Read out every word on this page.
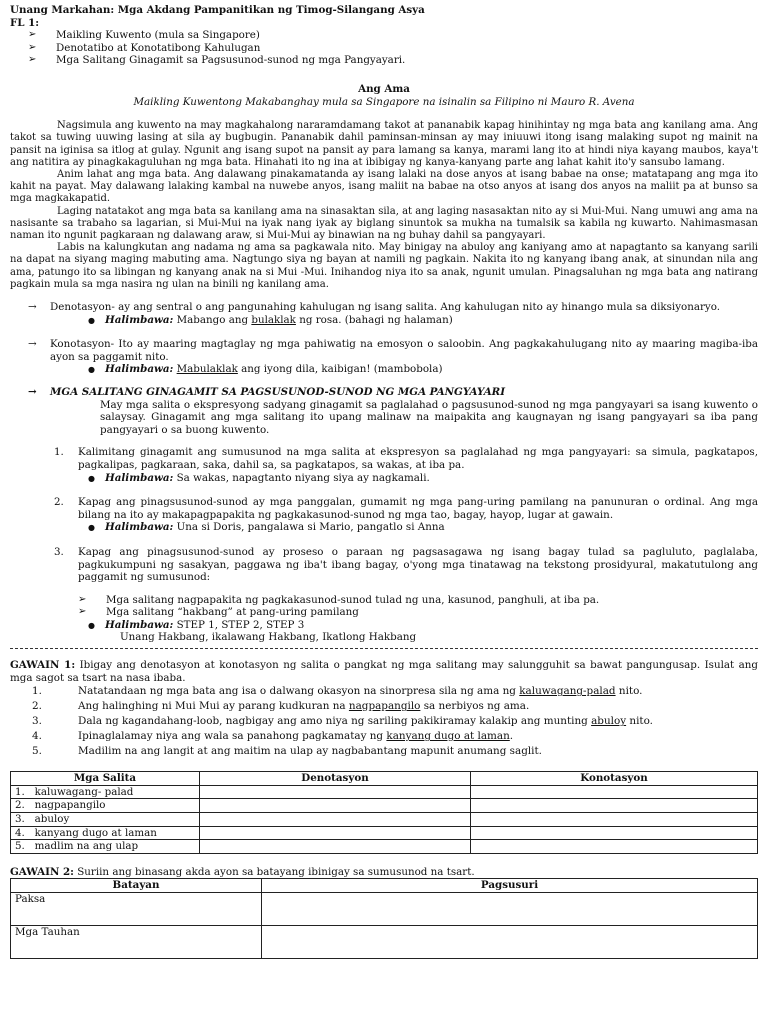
Unang Markahan: Mga Akdang Pampanitikan ng Timog-Silangang Asya
FL 1:
➢ Maikling Kuwento (mula sa Singapore)
➢ Denotatibo at Konotatibong Kahulugan
➢ Mga Salitang Ginagamit sa Pagsusunod-sunod ng mga Pangyayari.
Ang Ama
Maikling Kuwentong Makabanghay mula sa Singapore na isinalin sa Filipino ni Mauro R. Avena
Nagsimula ang kuwento na may magkahalong nararamdamang takot at pananabik kapag hinihintay ng mga bata ang kanilang ama. Ang takot sa tuwing uuwing lasing at sila ay bugbugin. Pananabik dahil paminsan-minsan ay may iniuuwi itong isang malaking supot ng mainit na pansit na iginisa sa itlog at gulay. Ngunit ang isang supot na pansit ay para lamang sa kanya, marami lang ito at hindi niya kayang maubos, kaya't ang natitira ay pinagkakaguluhan ng mga bata. Hinahati ito ng ina at ibibigay ng kanya-kanyang parte ang lahat kahit ito'y sansubo lamang.
Anim lahat ang mga bata. Ang dalawang pinakamatanda ay isang lalaki na dose anyos at isang babae na onse; matatapang ang mga ito kahit na payat. May dalawang lalaking kambal na nuwebe anyos, isang maliit na babae na otso anyos at isang dos anyos na maliit pa at bunso sa mga magkakapatid.
Laging natatakot ang mga bata sa kanilang ama na sinasaktan sila, at ang laging nasasaktan nito ay si Mui-Mui. Nang umuwi ang ama na nasisante sa trabaho sa lagarian, si Mui-Mui na iyak nang iyak ay biglang sinuntok sa mukha na tumalsik sa kabila ng kuwarto. Nahimasmasan naman ito ngunit pagkaraan ng dalawang araw, si Mui-Mui ay binawian na ng buhay dahil sa pangyayari.
Labis na kalungkutan ang nadama ng ama sa pagkawala nito. May binigay na abuloy ang kaniyang amo at napagtanto sa kanyang sarili na dapat na siyang maging mabuting ama. Nagtungo siya ng bayan at namili ng pagkain. Nakita ito ng kanyang ibang anak, at sinundan nila ang ama, patungo ito sa libingan ng kanyang anak na si Mui -Mui. Inihandog niya ito sa anak, ngunit umulan. Pinagsaluhan ng mga bata ang natirang pagkain mula sa mga nasira ng ulan na binili ng kanilang ama.
→ Denotasyon- ay ang sentral o ang pangunahing kahulugan ng isang salita. Ang kahulugan nito ay hinango mula sa diksiyonaryo.
● Halimbawa: Mabango ang bulaklak ng rosa. (bahagi ng halaman)
→ Konotasyon- Ito ay maaring magtaglay ng mga pahiwatig na emosyon o saloobin. Ang pagkakahulugang nito ay maaring magiba-iba ayon sa paggamit nito.
● Halimbawa: Mabulaklak ang iyong dila, kaibigan! (mambobola)
→ MGA SALITANG GINAGAMIT SA PAGSUSUNOD-SUNOD NG MGA PANGYAYARI
May mga salita o ekspresyong sadyang ginagamit sa paglalahad o pagsusunod-sunod ng mga pangyayari sa isang kuwento o salaysay. Ginagamit ang mga salitang ito upang malinaw na maipakita ang kaugnayan ng isang pangyayari sa iba pang pangyayari o sa buong kuwento.
1. Kalimitang ginagamit ang sumusunod na mga salita at ekspresyon sa paglalahad ng mga pangyayari: sa simula, pagkatapos, pagkalipas, pagkaraan, saka, dahil sa, sa pagkatapos, sa wakas, at iba pa.
● Halimbawa: Sa wakas, napagtanto niyang siya ay nagkamali.
2. Kapag ang pinagsusunod-sunod ay mga panggalan, gumamit ng mga pang-uring pamilang na panunuran o ordinal. Ang mga bilang na ito ay makapagpapakita ng pagkakasunod-sunod ng mga tao, bagay, hayop, lugar at gawain.
● Halimbawa: Una si Doris, pangalawa si Mario, pangatlo si Anna
3. Kapag ang pinagsusunod-sunod ay proseso o paraan ng pagsasagawa ng isang bagay tulad sa pagluluto, paglalaba, pagkukumpuni ng sasakyan, paggawa ng iba't ibang bagay, o'yong mga tinatawag na tekstong prosidyural, makatutulong ang paggamit ng sumusunod:
➢ Mga salitang nagpapakita ng pagkakasunod-sunod tulad ng una, kasunod, panghuli, at iba pa.
➢ Mga salitang “hakbang” at pang-uring pamilang
● Halimbawa: STEP 1, STEP 2, STEP 3
Unang Hakbang, ikalawang Hakbang, Ikatlong Hakbang
GAWAIN 1: Ibigay ang denotasyon at konotasyon ng salita o pangkat ng mga salitang may salungguhit sa bawat pangungusap. Isulat ang mga sagot sa tsart na nasa ibaba.
1.	Natatandaan ng mga bata ang isa o dalwang okasyon na sinorpresa sila ng ama ng kaluwagang-palad nito.
2.	Ang halinghing ni Mui Mui ay parang kudkuran na nagpapangilo sa nerbiyos ng ama.
3.	Dala ng kagandahang-loob, nagbigay ang amo niya ng sariling pakikiramay kalakip ang munting abuloy nito.
4.	Ipinaglalamay niya ang wala sa panahong pagkamatay ng kanyang dugo at laman.
5.	Madilim na ang langit at ang maitim na ulap ay nagbabantang mapunit anumang saglit.
Mga Salita	Denotasyon	Konotasyon
1. kaluwagang- palad		
2. nagpapangilo		
3. abuloy		
4. kanyang dugo at laman		
5. madlim na ang ulap		
GAWAIN 2: Suriin ang binasang akda ayon sa batayang ibinigay sa sumusunod na tsart.
Batayan	Pagsusuri
Paksa	
Mga Tauhan	
